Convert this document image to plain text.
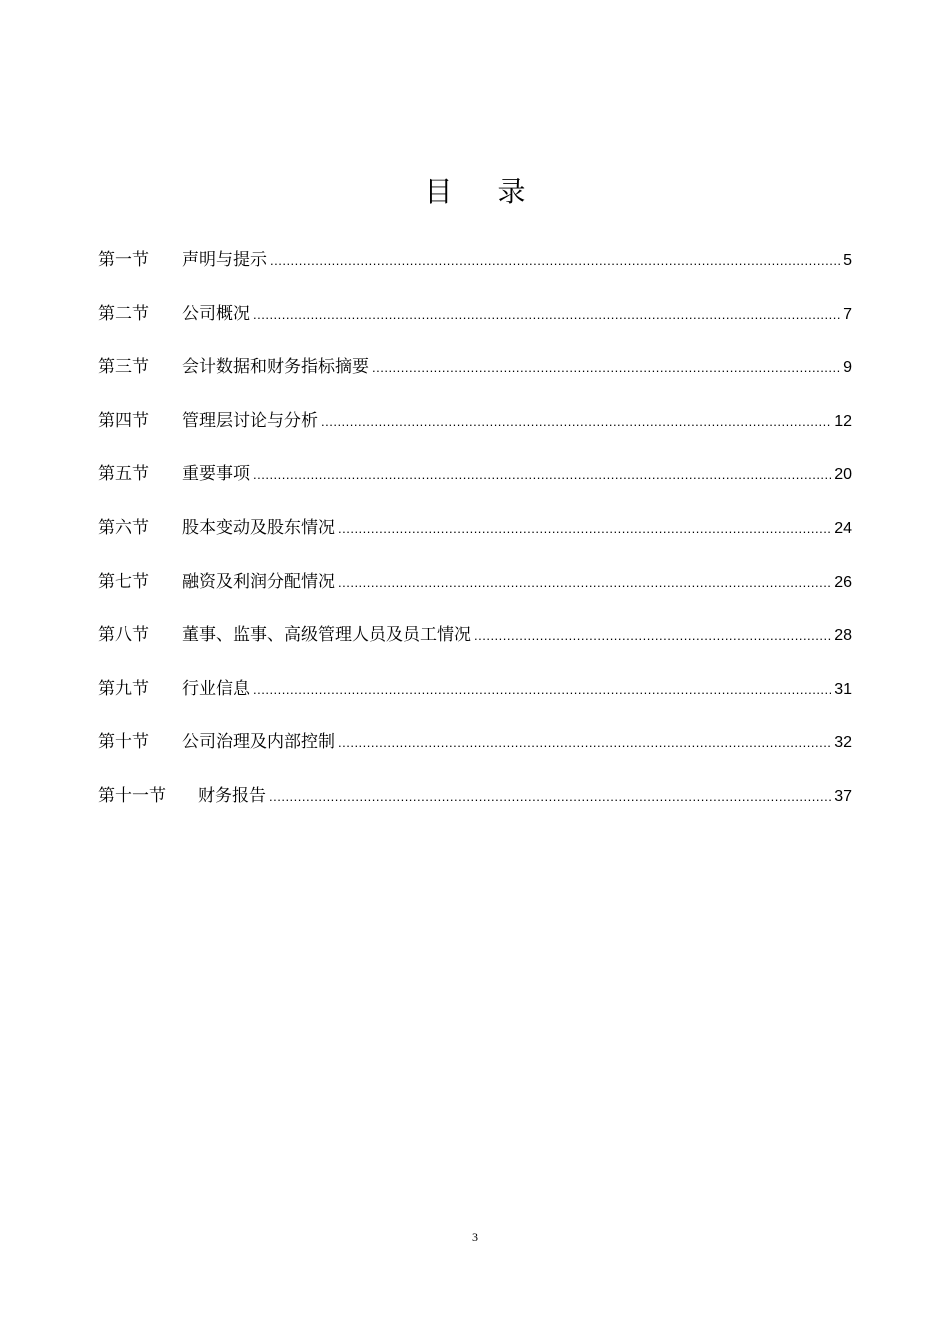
目 录
第一节	声明与提示 .....	5
第二节	公司概况 .....	7
第三节	会计数据和财务指标摘要 .....	9
第四节	管理层讨论与分析 .....	12
第五节	重要事项 .....	20
第六节	股本变动及股东情况 .....	24
第七节	融资及利润分配情况 .....	26
第八节	董事、监事、高级管理人员及员工情况 .....	28
第九节	行业信息 .....	31
第十节	公司治理及内部控制 .....	32
第十一节	财务报告 .....	37
3
